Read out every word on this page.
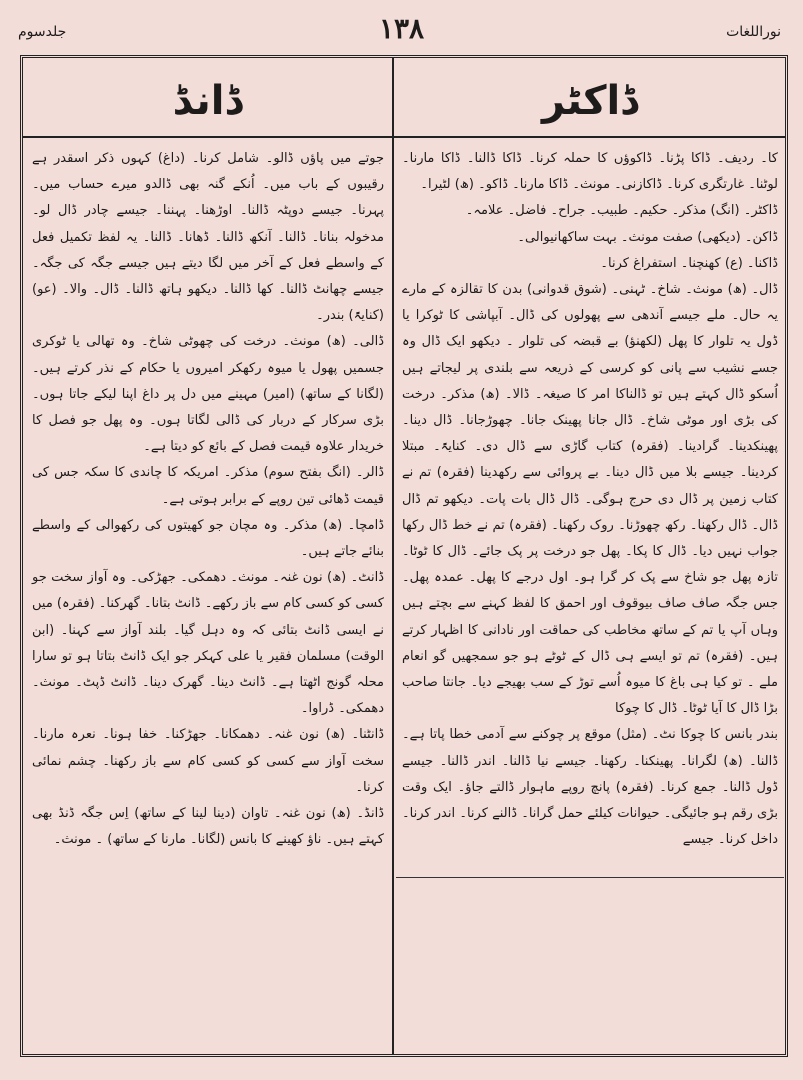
نوراللغات
۱۳۸
جلدسوم
ڈاکٹر
ڈانڈ

کا۔ ردیف۔ ڈاکا پڑنا۔ ڈاکوؤں کا حملہ کرنا۔ ڈاکا ڈالنا۔ ڈاکا مارنا۔ لوٹنا۔ غارتگری کرنا۔ ڈاکازنی۔ مونث۔ ڈاکا مارنا۔ ڈاکو۔ (ھ) لٹیرا۔

ڈاکٹر۔ (انگ) مذکر۔ حکیم۔ طبیب۔ جراح۔ فاضل۔ علامہ۔

ڈاکن۔ (دیکھی) صفت مونث۔ بہت ساکھانیوالی۔

ڈاکنا۔ (ع) کھنچنا۔ استفراغ کرنا۔

ڈال۔ (ھ) مونث۔ شاخ۔ ٹہنی۔ (شوق قدوانی) بدن کا تقالزہ کے مارے یہ حال۔ ملے جیسے آندھی سے پھولوں کی ڈال۔ آبپاشی کا ٹوکرا یا ڈول یہ تلوار کا پھل (لکھنؤ) بے قبضہ کی تلوار ۔ دیکھو ایک ڈال وہ جسے نشیب سے پانی کو کرسی کے ذریعہ سے بلندی پر لیجاتے ہیں اُسکو ڈال کہتے ہیں تو ڈالناکا امر کا صیغہ۔ ڈالا۔ (ھ) مذکر۔ درخت کی بڑی اور موٹی شاخ۔ ڈال جانا پھینک جانا۔ چھوڑجانا۔ ڈال دینا۔ پھینکدینا۔ گرادینا۔ (فقرہ) کتاب گاڑی سے ڈال دی۔ کنایۃً۔ مبتلا کردینا۔ جیسے بلا میں ڈال دینا۔ بے پروائی سے رکھدینا (فقرہ) تم نے کتاب زمین پر ڈال دی حرج ہوگی۔ ڈال ڈال بات پات۔ دیکھو تم ڈال ڈال۔ ڈال رکھنا۔ رکھ چھوڑنا۔ روک رکھنا۔ (فقرہ) تم نے خط ڈال رکھا جواب نہیں دیا۔ ڈال کا پکا۔ پھل جو درخت پر پک جائے۔ ڈال کا ٹوٹا۔ تازہ پھل جو شاخ سے پک کر گرا ہو۔ اول درجے کا پھل۔ عمدہ پھل۔ جس جگہ صاف صاف بیوقوف اور احمق کا لفظ کہنے سے بچتے ہیں وہاں آپ یا تم کے ساتھ مخاطب کی حماقت اور نادانی کا اظہار کرتے ہیں۔ (فقرہ) تم تو ایسے ہی ڈال کے ٹوٹے ہو جو سمجھیں گو انعام ملے ۔ تو کیا ہی باغ کا میوہ اُسے توڑ کے سب بھیجے دیا۔ جانتا صاحب بڑا ڈال کا آیا ٹوٹا۔ ڈال کا چوکا

بندر بانس کا چوکا نٹ۔ (مثل) موقع پر چوکنے سے آدمی خطا پاتا ہے۔ ڈالنا۔ (ھ) لگرانا۔ پھینکنا۔ رکھنا۔ جیسے نیا ڈالنا۔ اندر ڈالنا۔ جیسے ڈول ڈالنا۔ جمع کرنا۔ (فقرہ) پانچ روپے ماہوار ڈالتے جاؤ۔ ایک وقت بڑی رقم ہو جائیگی۔ حیوانات کیلئے حمل گرانا۔ ڈالنے کرنا۔ اندر کرنا۔ داخل کرنا۔ جیسے

جوتے میں پاؤں ڈالو۔ شامل کرنا۔ (داغ) کہوں ذکر اسقدر ہے رقیبوں کے باب میں۔ اُنکے گنہ بھی ڈالدو میرے حساب میں۔ پہرنا۔ جیسے دوپٹہ ڈالنا۔ اوڑھنا۔ پہننا۔ جیسے چادر ڈال لو۔ مدخولہ بنانا۔ ڈالنا۔ آنکھ ڈالنا۔ ڈھانا۔ ڈالنا۔ یہ لفظ تکمیل فعل کے واسطے فعل کے آخر میں لگا دیتے ہیں جیسے جگہ کی جگہ۔ جیسے چھانٹ ڈالنا۔ کھا ڈالنا۔ دیکھو ہاتھ ڈالنا۔ ڈال۔ والا۔ (عو) (کنایۃً) بندر۔

ڈالی۔ (ھ) مونث۔ درخت کی چھوٹی شاخ۔ وہ تھالی یا ٹوکری جسمیں پھول یا میوہ رکھکر امیروں یا حکام کے نذر کرتے ہیں۔ (لگانا کے ساتھ) (امیر) مہینے میں دل پر داغ اپنا لیکے جاتا ہوں۔ بڑی سرکار کے دربار کی ڈالی لگاتا ہوں۔ وہ پھل جو فصل کا خریدار علاوہ قیمت فصل کے بائع کو دیتا ہے۔

ڈالر۔ (انگ بفتح سوم) مذکر۔ امریکہ کا چاندی کا سکہ جس کی قیمت ڈھائی تین روپے کے برابر ہوتی ہے۔

ڈامچا۔ (ھ) مذکر۔ وہ مچان جو کھیتوں کی رکھوالی کے واسطے بنائے جاتے ہیں۔

ڈانٹ۔ (ھ) نون غنہ۔ مونث۔ دھمکی۔ جھڑکی۔ وہ آواز سخت جو کسی کو کسی کام سے باز رکھے۔ ڈانٹ بتانا۔ گھرکنا۔ (فقرہ) میں نے ایسی ڈانٹ بتائی کہ وہ دہل گیا۔ بلند آواز سے کہنا۔ (ابن الوقت) مسلمان فقیر یا علی کہکر جو ایک ڈانٹ بتاتا ہو تو سارا محلہ گونج اٹھتا ہے۔ ڈانٹ دینا۔ گھرک دینا۔ ڈانٹ ڈپٹ۔ مونث۔ دھمکی۔ ڈراوا۔

ڈانٹنا۔ (ھ) نون غنہ۔ دھمکانا۔ جھڑکنا۔ خفا ہونا۔ نعرہ مارنا۔ سخت آواز سے کسی کو کسی کام سے باز رکھنا۔ چشم نمائی کرنا۔

ڈانڈ۔ (ھ) نون غنہ۔ تاوان (دینا لینا کے ساتھ) اِس جگہ ڈنڈ بھی کہتے ہیں۔ ناؤ کھینے کا بانس (لگانا۔ مارنا کے ساتھ) ۔ مونث۔
